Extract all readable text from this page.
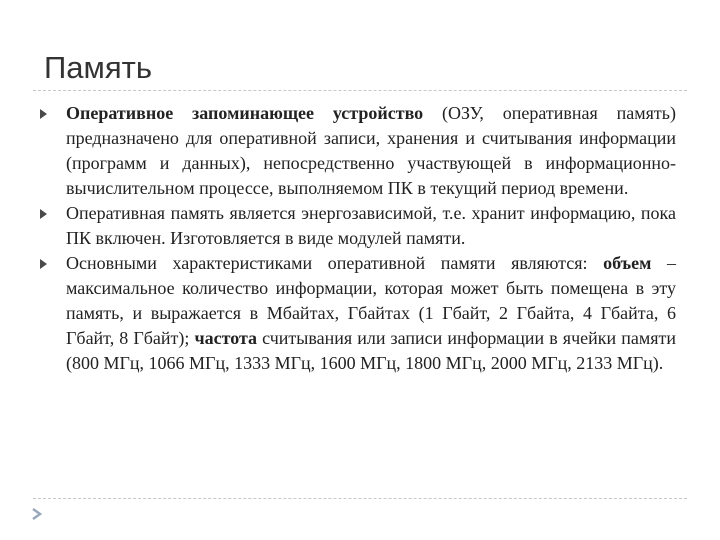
Память
Оперативное запоминающее устройство (ОЗУ, оперативная память) предназначено для оперативной записи, хранения и считывания информации (программ и данных), непосредственно участвующей в информационно-вычислительном процессе, выполняемом ПК в текущий период времени.
Оперативная память является энергозависимой, т.е. хранит информацию, пока ПК включен. Изготовляется в виде модулей памяти.
Основными характеристиками оперативной памяти являются: объем – максимальное количество информации, которая может быть помещена в эту память, и выражается в Мбайтах, Гбайтах (1 Гбайт, 2 Гбайта, 4 Гбайта, 6 Гбайт, 8 Гбайт); частота считывания или записи информации в ячейки памяти (800 МГц, 1066 МГц, 1333 МГц, 1600 МГц, 1800 МГц, 2000 МГц, 2133 МГц).
